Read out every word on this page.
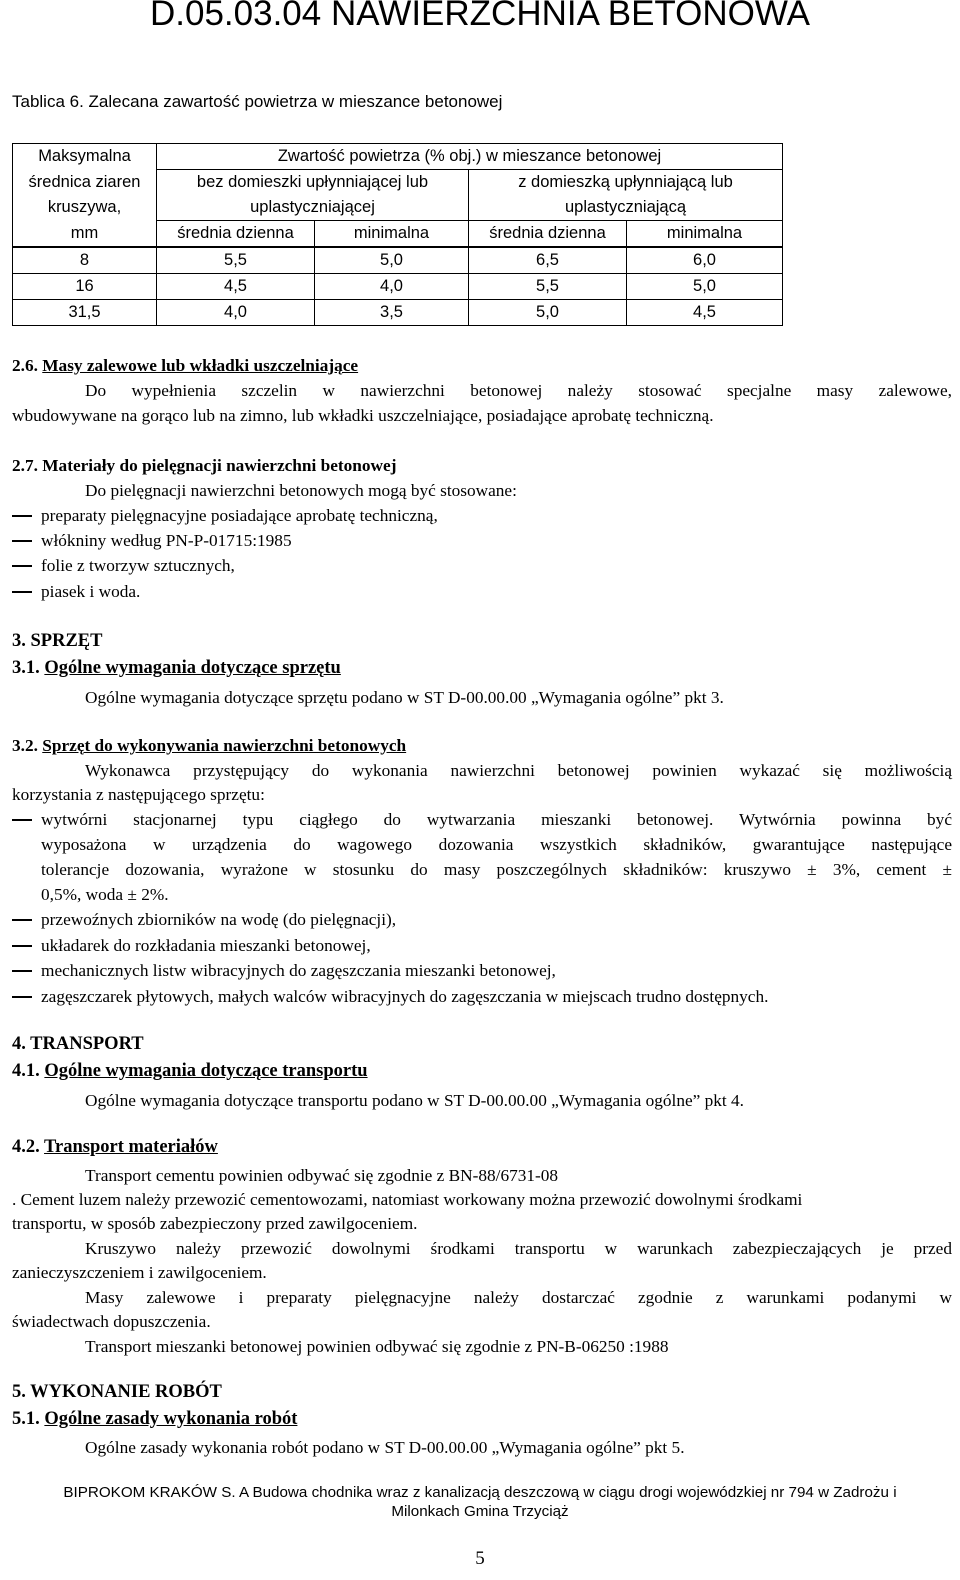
D.05.03.04 NAWIERZCHNIA BETONOWA
Tablica 6. Zalecana zawartość powietrza w mieszance betonowej
Maksymalna	Zwartość powietrza (% obj.) w mieszance betonowej			
średnica ziaren	bez domieszki upłynniającej lub		z domieszką upłynniającą lub	
kruszywa,	uplastyczniającej		uplastyczniającą	
mm	średnia dzienna	minimalna	średnia dzienna	minimalna
8	5,5	5,0	6,5	6,0
16	4,5	4,0	5,5	5,0
31,5	4,0	3,5	5,0	4,5
2.6. Masy zalewowe lub wkładki uszczelniające
Do wypełnienia szczelin w nawierzchni betonowej należy stosować specjalne masy zalewowe,
wbudowywane na gorąco lub na zimno, lub wkładki uszczelniające, posiadające aprobatę techniczną.
2.7. Materiały do pielęgnacji nawierzchni betonowej
Do pielęgnacji nawierzchni betonowych mogą być stosowane:
preparaty pielęgnacyjne posiadające aprobatę techniczną,
włókniny według PN-P-01715:1985
folie z tworzyw sztucznych,
piasek i woda.
3. SPRZĘT
3.1. Ogólne wymagania dotyczące sprzętu
Ogólne wymagania dotyczące sprzętu podano w ST D-00.00.00 „Wymagania ogólne” pkt 3.
3.2. Sprzęt do wykonywania nawierzchni betonowych
Wykonawca przystępujący do wykonania nawierzchni betonowej powinien wykazać się możliwością
korzystania z następującego sprzętu:
wytwórni stacjonarnej typu ciągłego do wytwarzania mieszanki betonowej. Wytwórnia powinna być
wyposażona w urządzenia do wagowego dozowania wszystkich składników, gwarantujące następujące
tolerancje dozowania, wyrażone w stosunku do masy poszczególnych składników: kruszywo ± 3%, cement ±
0,5%, woda ± 2%.
przewoźnych zbiorników na wodę (do pielęgnacji),
układarek do rozkładania mieszanki betonowej,
mechanicznych listw wibracyjnych do zagęszczania mieszanki betonowej,
zagęszczarek płytowych, małych walców wibracyjnych do zagęszczania w miejscach trudno dostępnych.
4. TRANSPORT
4.1. Ogólne wymagania dotyczące transportu
Ogólne wymagania dotyczące transportu podano w ST D-00.00.00 „Wymagania ogólne” pkt 4.
4.2. Transport materiałów
Transport cementu powinien odbywać się zgodnie z BN-88/6731-08
. Cement luzem należy przewozić cementowozami, natomiast workowany można przewozić dowolnymi środkami
transportu, w sposób zabezpieczony przed zawilgoceniem.
Kruszywo należy przewozić dowolnymi środkami transportu w warunkach zabezpieczających je przed
zanieczyszczeniem i zawilgoceniem.
Masy zalewowe i preparaty pielęgnacyjne należy dostarczać zgodnie z warunkami podanymi w
świadectwach dopuszczenia.
Transport mieszanki betonowej powinien odbywać się zgodnie z PN-B-06250 :1988
5. WYKONANIE ROBÓT
5.1. Ogólne zasady wykonania robót
Ogólne zasady wykonania robót podano w ST D-00.00.00 „Wymagania ogólne” pkt 5.
BIPROKOM KRAKÓW S. A Budowa chodnika wraz z kanalizacją deszczową w ciągu drogi wojewódzkiej nr 794 w Zadrożu i
Milonkach Gmina Trzyciąż
5
